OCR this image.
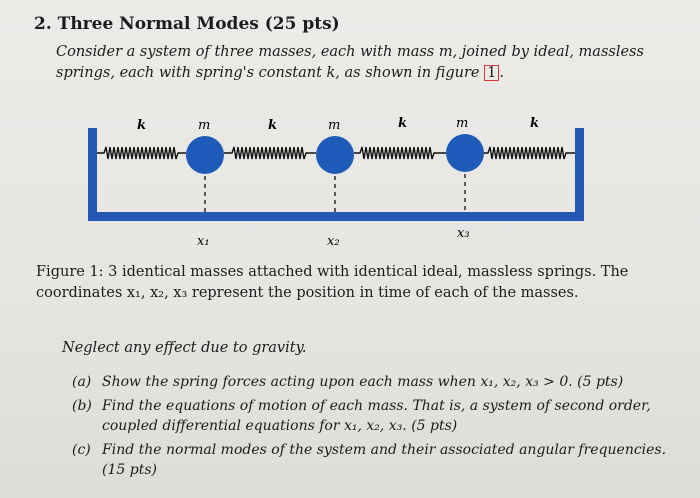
2. Three Normal Modes (25 pts)
Consider a system of three masses, each with mass m, joined by ideal, massless springs, each with spring's constant k, as shown in figure 1 .
k	k	k	k
m	m	m
x₁	x₂
x₃
Figure 1: 3 identical masses attached with identical ideal, massless springs. The coordinates x₁, x₂, x₃ represent the position in time of each of the masses.
Neglect any effect due to gravity.
(a) Show the spring forces acting upon each mass when x₁, x₂, x₃ > 0. (5 pts)
(b) Find the equations of motion of each mass. That is, a system of second order, coupled differential equations for x₁, x₂, x₃. (5 pts)
(c) Find the normal modes of the system and their associated angular frequencies. (15 pts)
